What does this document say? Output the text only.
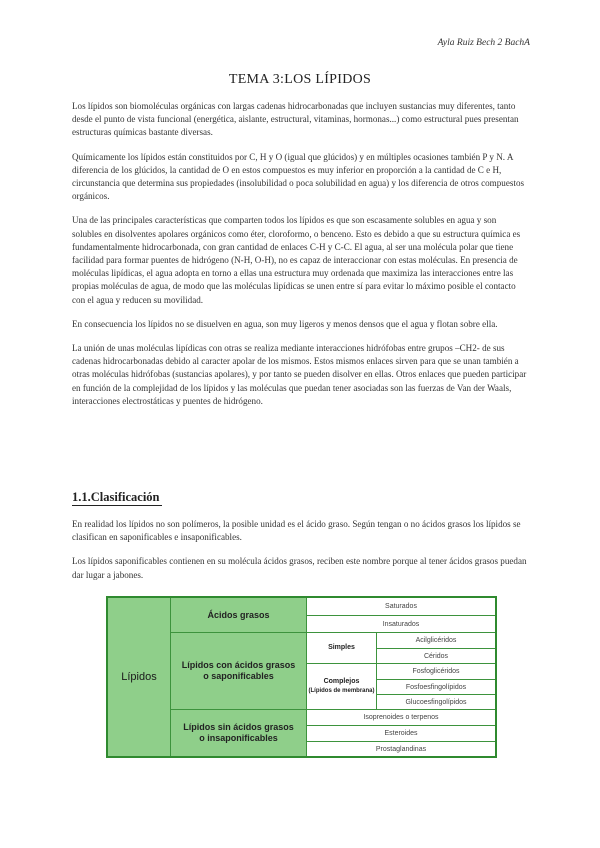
Ayla Ruiz Bech 2 BachA
TEMA 3:LOS LÍPIDOS

Los lípidos son biomoléculas orgánicas con largas cadenas hidrocarbonadas que incluyen sustancias muy diferentes, tanto desde el punto de vista funcional (energética, aislante, estructural, vitaminas, hormonas...) como estructural pues presentan estructuras químicas bastante diversas.

Químicamente los lípidos están constituidos por C, H y O (igual que glúcidos) y en múltiples ocasiones también P y N. A diferencia de los glúcidos, la cantidad de O en estos compuestos es muy inferior en proporción a la cantidad de C e H, circunstancia que determina sus propiedades (insolubilidad o poca solubilidad en agua) y los diferencia de otros compuestos orgánicos.

Una de las principales características que comparten todos los lípidos es que son escasamente solubles en agua y son solubles en disolventes apolares orgánicos como éter, cloroformo, o benceno. Esto es debido a que su estructura química es fundamentalmente hidrocarbonada, con gran cantidad de enlaces C-H y C-C. El agua, al ser una molécula polar que tiene facilidad para formar puentes de hidrógeno (N-H, O-H), no es capaz de interaccionar con estas moléculas. En presencia de moléculas lipídicas, el agua adopta en torno a ellas una estructura muy ordenada que maximiza las interacciones entre las propias moléculas de agua, de modo que las moléculas lipídicas se unen entre sí para evitar lo máximo posible el contacto con el agua y reducen su movilidad.

En consecuencia los lípidos no se disuelven en agua, son muy ligeros y menos densos que el agua y flotan sobre ella.

La unión de unas moléculas lipídicas con otras se realiza mediante interacciones hidrófobas entre grupos –CH2- de sus cadenas hidrocarbonadas debido al caracter apolar de los mismos. Estos mismos enlaces sirven para que se unan también a otras moléculas hidrófobas (sustancias apolares), y por tanto se pueden disolver en ellas. Otros enlaces que pueden participar en función de la complejidad de los lípidos y las moléculas que puedan tener asociadas son las fuerzas de Van der Waals, interacciones electrostáticas y puentes de hidrógeno.

1.1.Clasificación

En realidad los lípidos no son polímeros, la posible unidad es el ácido graso. Según tengan o no ácidos grasos los lípidos se clasifican en saponificables e insaponificables.

Los lípidos saponificables contienen en su molécula ácidos grasos, reciben este nombre porque al tener ácidos grasos puedan dar lugar a jabones.

Lípidos
Ácidos grasos
Lípidos con ácidos grasos o saponificables
Lípidos sin ácidos grasos o insaponificables
Saturados
Insaturados
Simples
Complejos
(Lípidos de membrana)
Acilglicéridos
Céridos
Fosfoglicéridos
Fosfoesfingolípidos
Glucoesfingolípidos
Isoprenoides o terpenos
Esteroides
Prostaglandinas
